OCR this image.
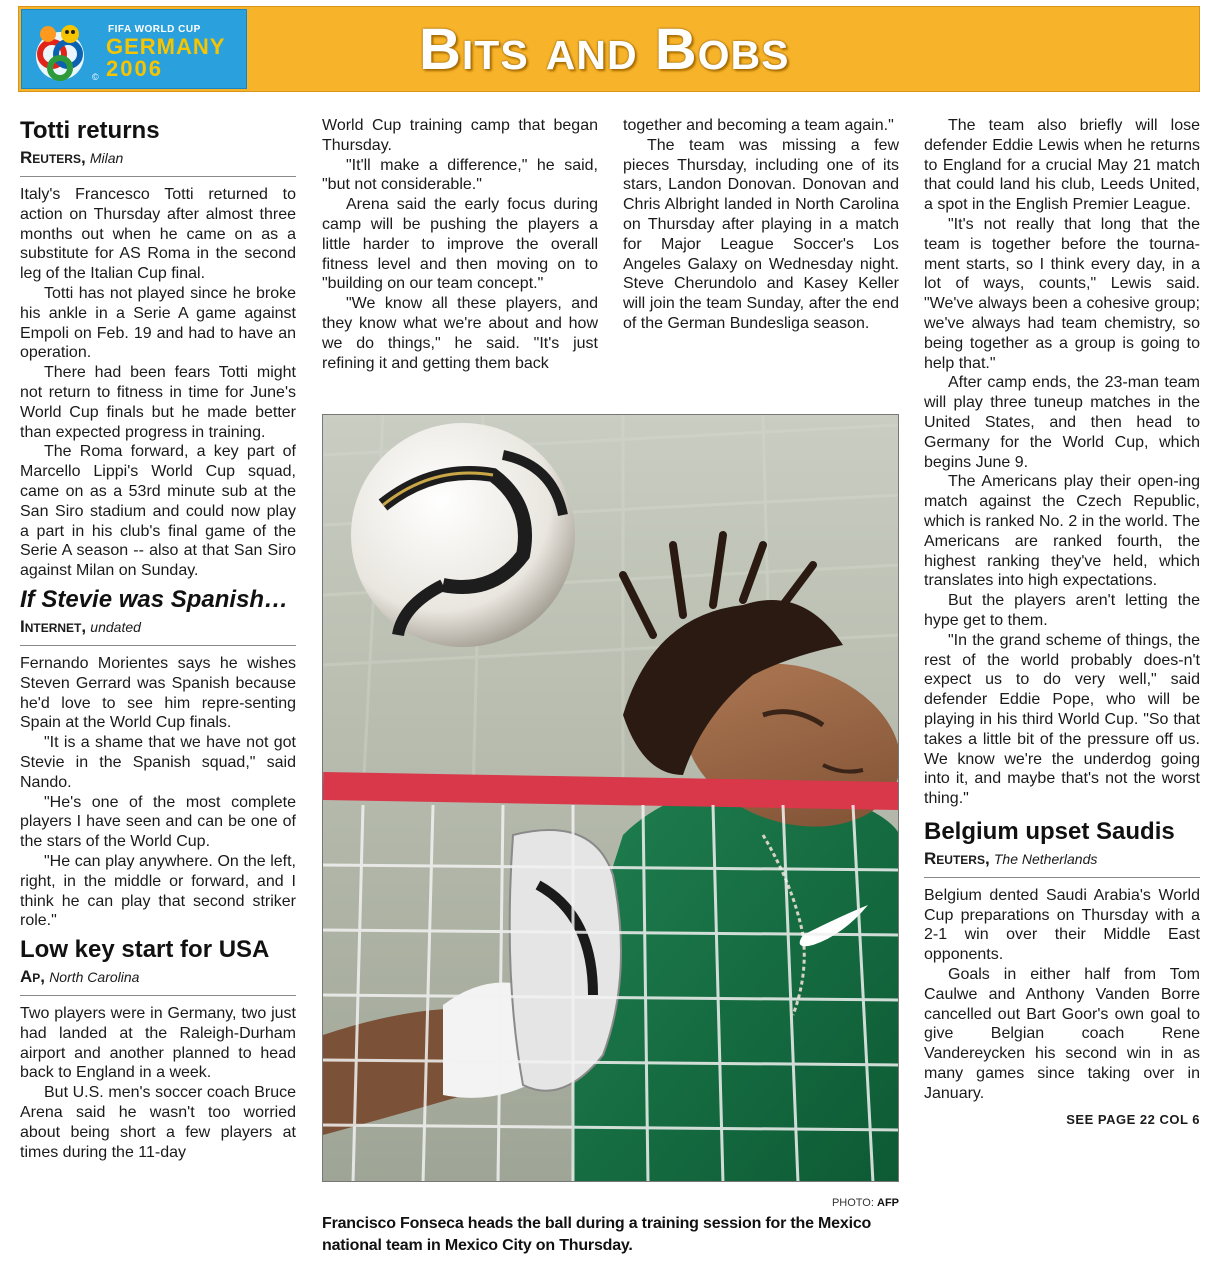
FIFA WORLD CUP
GERMANY
2006
©	Bits and Bobs
Totti returns
Reuters, Milan

Italy's Francesco Totti returned to action on Thursday after almost three months out when he came on as a substitute for AS Roma in the second leg of the Italian Cup final.

Totti has not played since he broke his ankle in a Serie A game against Empoli on Feb. 19 and had to have an operation.

There had been fears Totti might not return to fitness in time for June's World Cup finals but he made better than expected progress in training.

The Roma forward, a key part of Marcello Lippi's World Cup squad, came on as a 53rd minute sub at the San Siro stadium and could now play a part in his club's final game of the Serie A season -- also at that San Siro against Milan on Sunday.

If Stevie was Spanish…
Internet, undated

Fernando Morientes says he wishes Steven Gerrard was Spanish because he'd love to see him repre-senting Spain at the World Cup finals.

"It is a shame that we have not got Stevie in the Spanish squad," said Nando.

"He's one of the most complete players I have seen and can be one of the stars of the World Cup.

"He can play anywhere. On the left, right, in the middle or forward, and I think he can play that second striker role."

Low key start for USA
Ap, North Carolina

Two players were in Germany, two just had landed at the Raleigh-Durham airport and another planned to head back to England in a week.

But U.S. men's soccer coach Bruce Arena said he wasn't too worried about being short a few players at times during the 11-day

World Cup training camp that began Thursday.

"It'll make a difference," he said, "but not considerable."

Arena said the early focus during camp will be pushing the players a little harder to improve the overall fitness level and then moving on to "building on our team concept."

"We know all these players, and they know what we're about and how we do things," he said. "It's just refining it and getting them back

together and becoming a team again."

The team was missing a few pieces Thursday, including one of its stars, Landon Donovan. Donovan and Chris Albright landed in North Carolina on Thursday after playing in a match for Major League Soccer's Los Angeles Galaxy on Wednesday night. Steve Cherundolo and Kasey Keller will join the team Sunday, after the end of the German Bundesliga season.

The team also briefly will lose defender Eddie Lewis when he returns to England for a crucial May 21 match that could land his club, Leeds United, a spot in the English Premier League.

"It's not really that long that the team is together before the tourna-ment starts, so I think every day, in a lot of ways, counts," Lewis said. "We've always been a cohesive group; we've always had team chemistry, so being together as a group is going to help that."

After camp ends, the 23-man team will play three tuneup matches in the United States, and then head to Germany for the World Cup, which begins June 9.

The Americans play their open-ing match against the Czech Republic, which is ranked No. 2 in the world. The Americans are ranked fourth, the highest ranking they've held, which translates into high expectations.

But the players aren't letting the hype get to them.

"In the grand scheme of things, the rest of the world probably does-n't expect us to do very well," said defender Eddie Pope, who will be playing in his third World Cup. "So that takes a little bit of the pressure off us. We know we're the underdog going into it, and maybe that's not the worst thing."

Belgium upset Saudis
Reuters, The Netherlands

Belgium dented Saudi Arabia's World Cup preparations on Thursday with a 2-1 win over their Middle East opponents.

Goals in either half from Tom Caulwe and Anthony Vanden Borre cancelled out Bart Goor's own goal to give Belgian coach Rene Vandereycken his second win in as many games since taking over in January.

SEE PAGE 22 COL 6
PHOTO: AFP
Francisco Fonseca heads the ball during a training session for the Mexico national team in Mexico City on Thursday.
